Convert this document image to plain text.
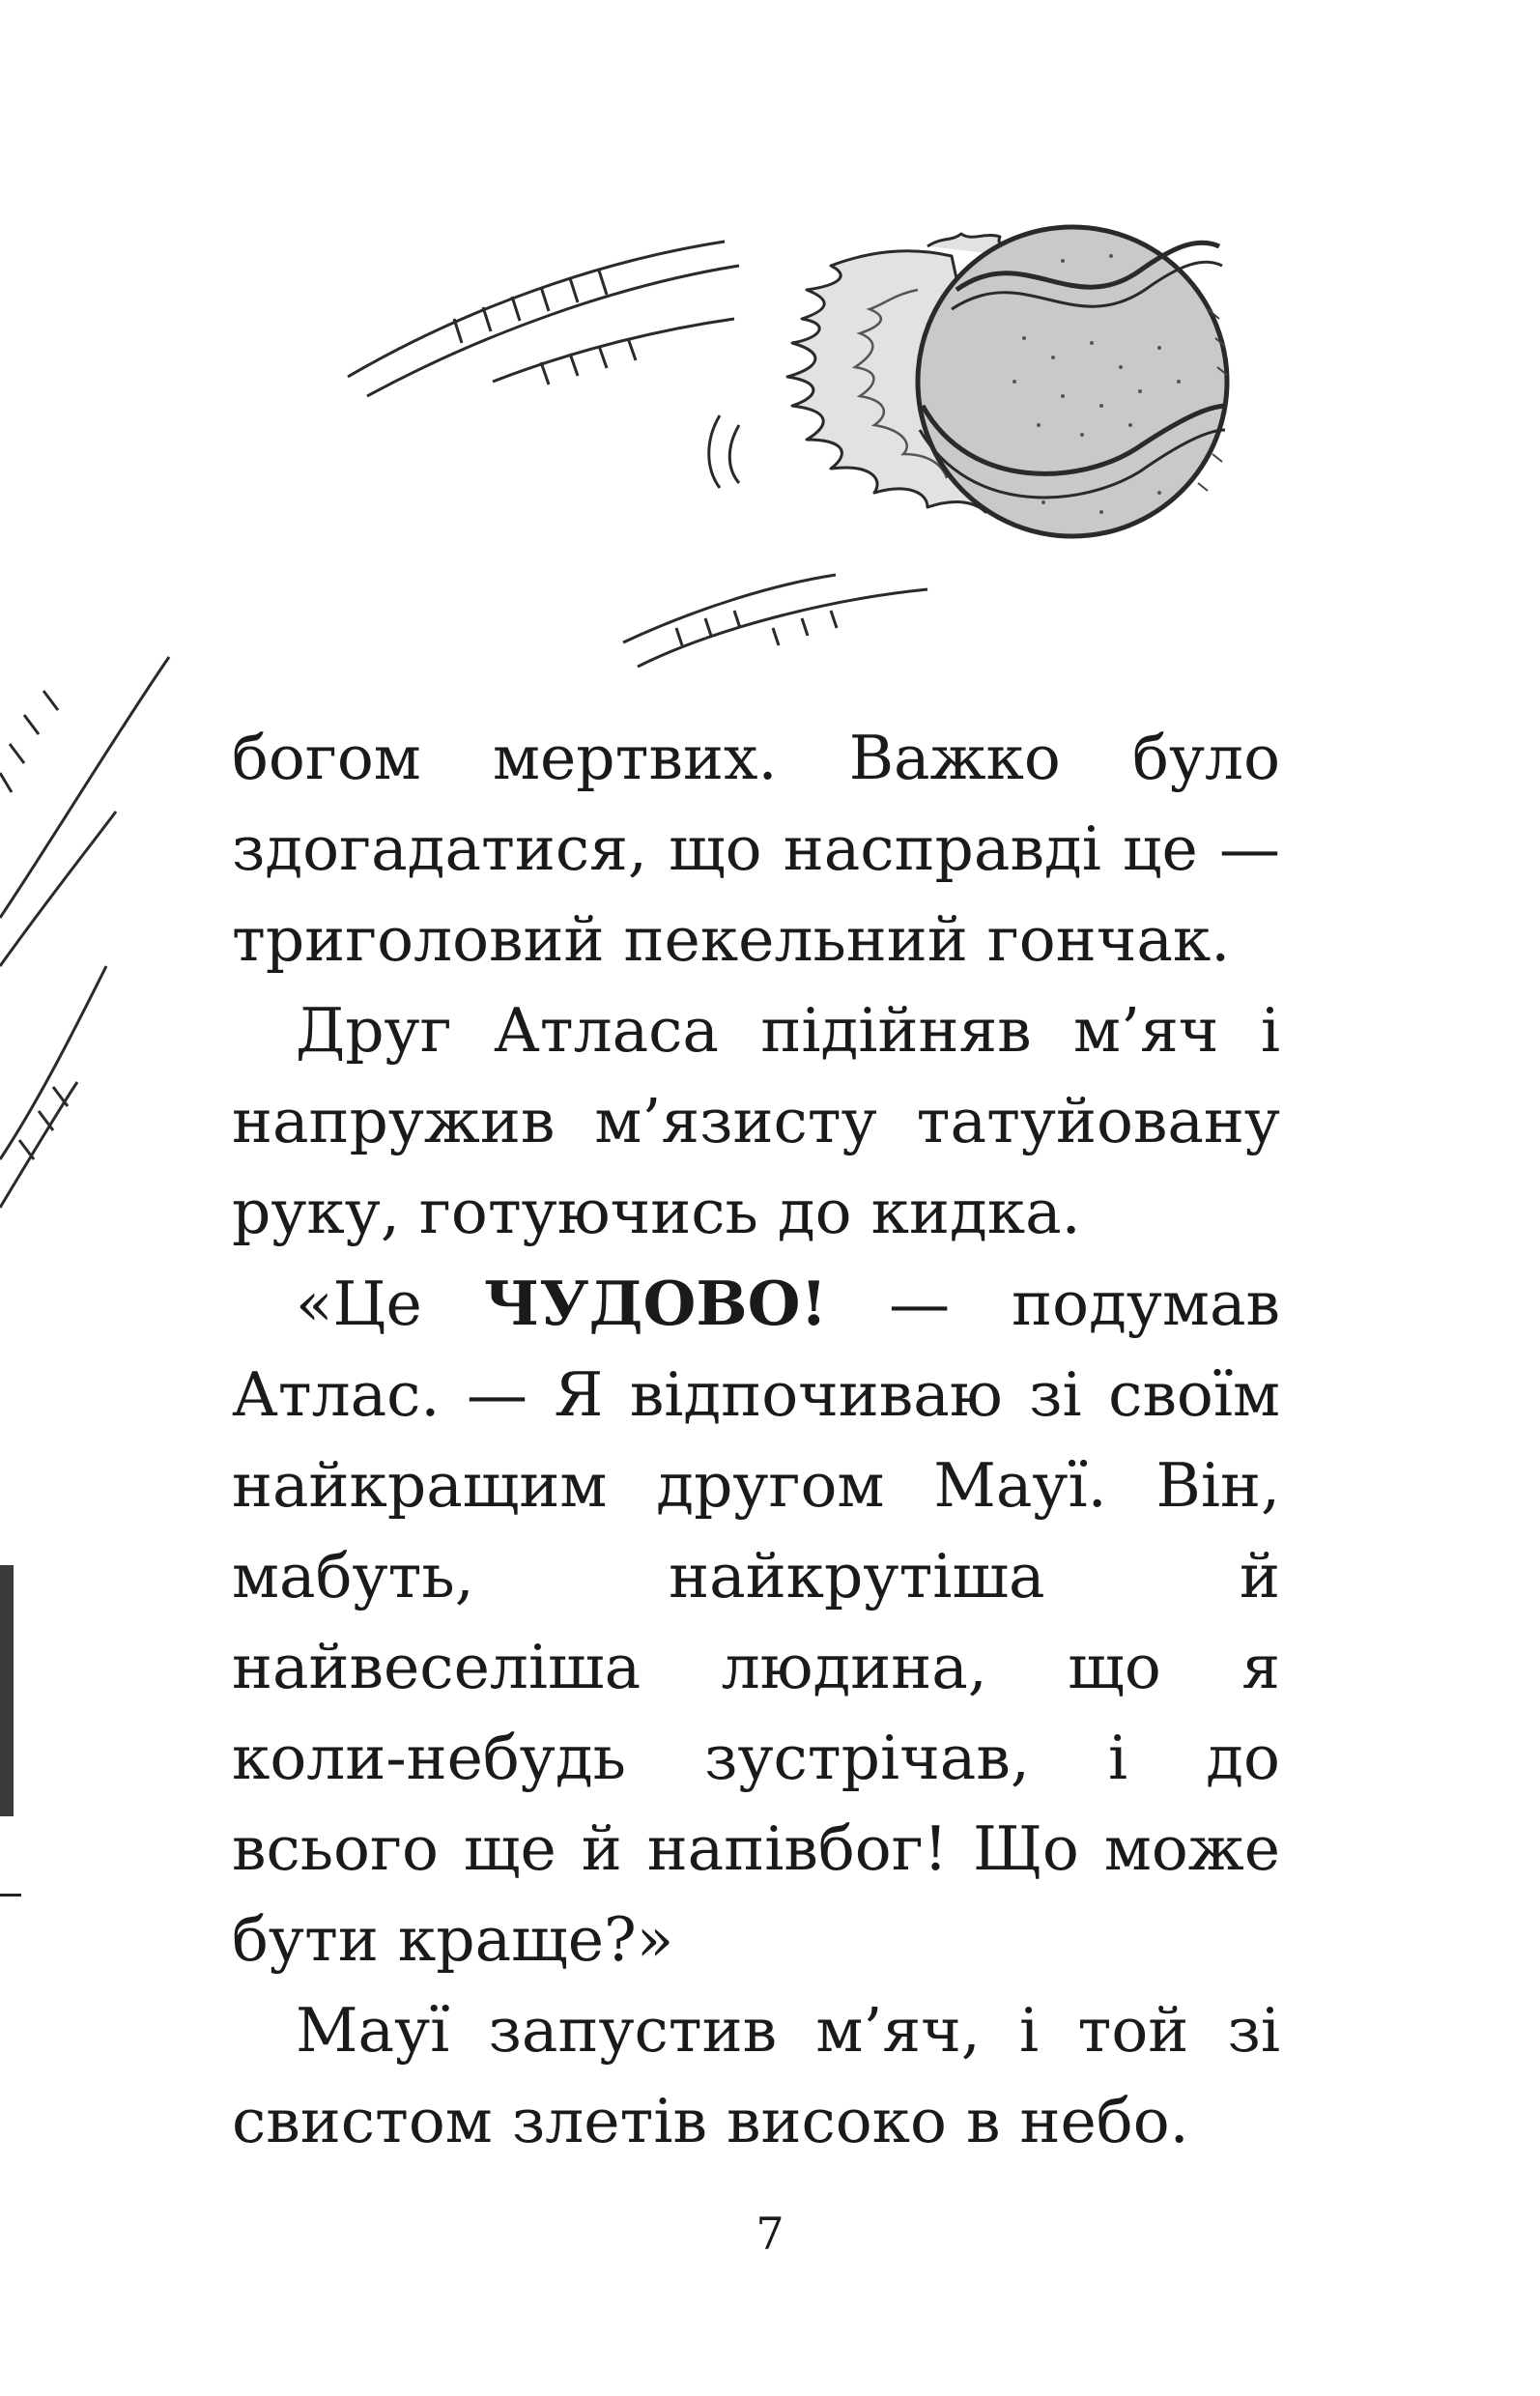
богом мертвих. Важко було здогадатися, що насправді це — триголовий пекельний гончак.

Друг Атласа підійняв м’яч і напружив м’язисту татуйовану руку, готуючись до кидка.

«Це ЧУДОВО! — подумав Атлас. — Я відпочиваю зі своїм найкращим другом Мауї. Він, мабуть, найкрутіша й найвеселіша людина, що я коли-небудь зустрічав, і до всього ще й напівбог! Що може бути краще?»

Мауї запустив м’яч, і той зі свистом злетів високо в небо.

7
